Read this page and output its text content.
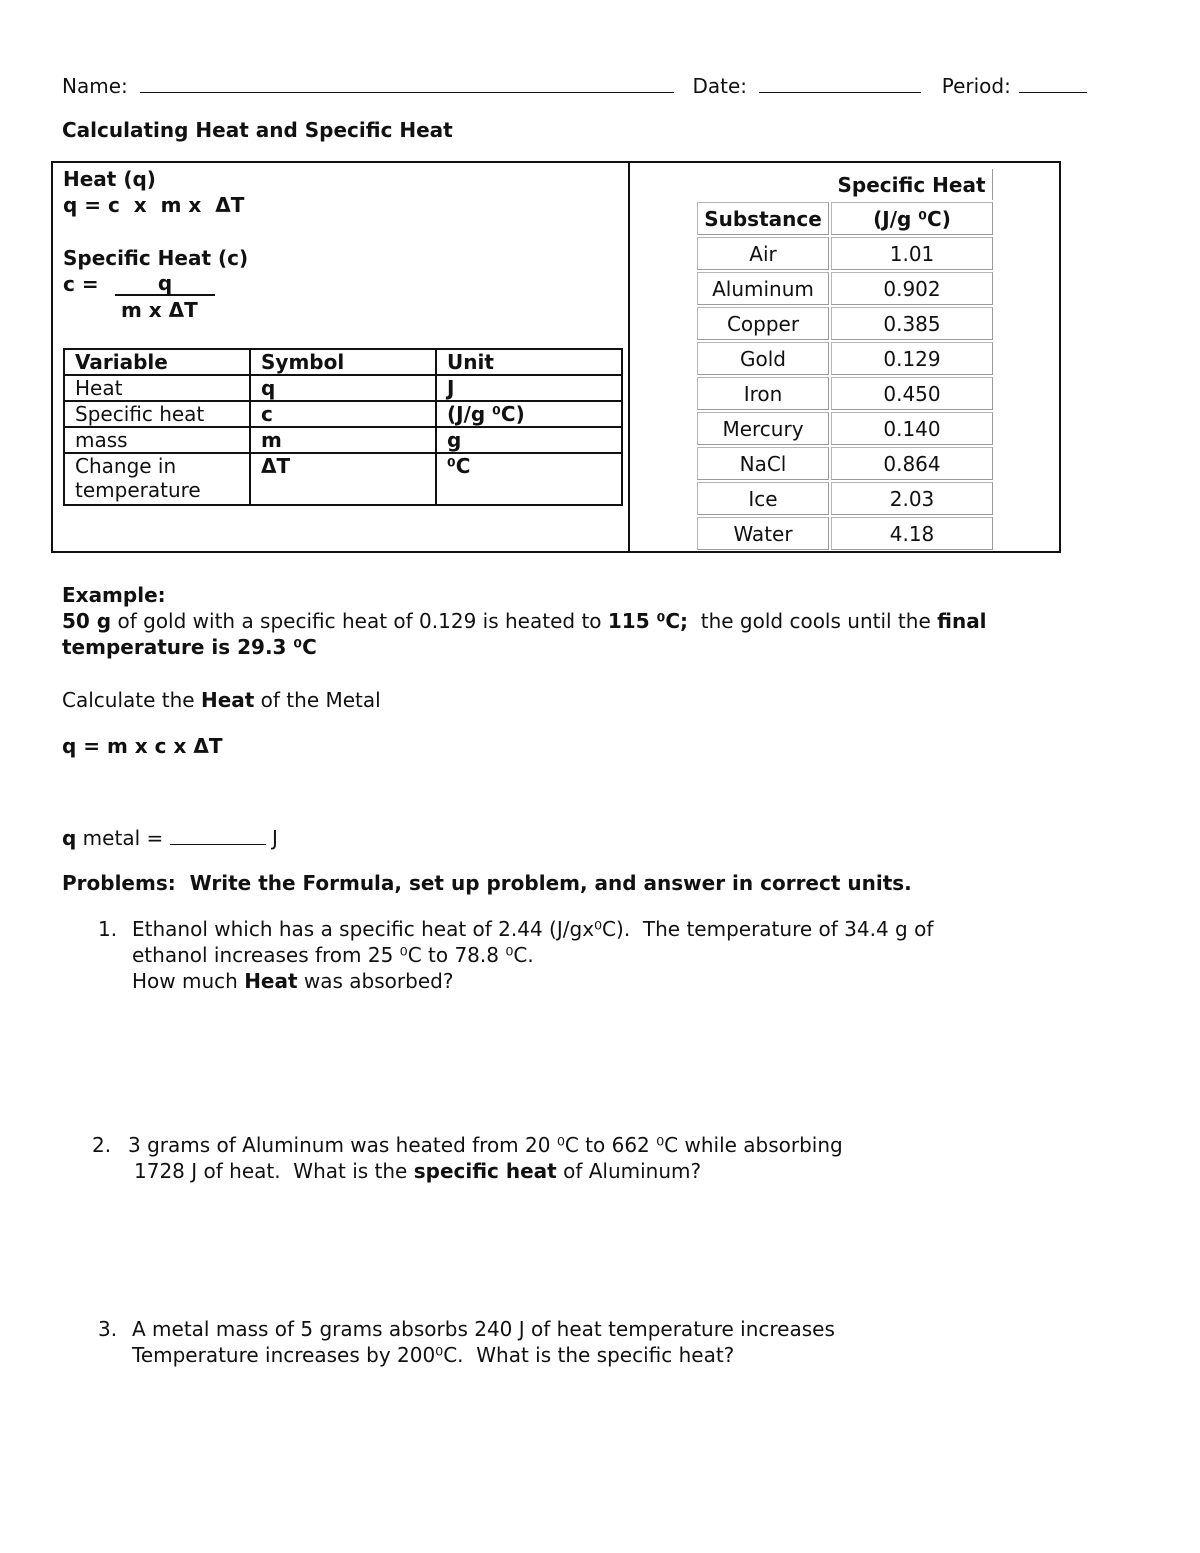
Name:	Date:	Period:
Calculating Heat and Specific Heat
Heat (q)
q = c  x  m x  ΔT
Specific Heat (c)
c =	q
m x ΔT
Variable	Symbol	Unit
Heat	q	J
Specific heat	c	(J/g ⁰C)
mass	m	g
Change in
temperature	ΔT	⁰C
	Specific Heat
Substance	(J/g ⁰C)
Air	1.01
Aluminum	0.902
Copper	0.385
Gold	0.129
Iron	0.450
Mercury	0.140
NaCl	0.864
Ice	2.03
Water	4.18
Example:
50 g of gold with a specific heat of 0.129 is heated to 115 ⁰C;  the gold cools until the final
temperature is 29.3 ⁰C
Calculate the Heat of the Metal
q = m x c x ΔT
q metal =	J
Problems:  Write the Formula, set up problem, and answer in correct units.
1. Ethanol which has a specific heat of 2.44 (J/gx⁰C).  The temperature of 34.4 g of
ethanol increases from 25 ⁰C to 78.8 ⁰C.
How much Heat was absorbed?
2. 3 grams of Aluminum was heated from 20 ⁰C to 662 ⁰C while absorbing
1728 J of heat.  What is the specific heat of Aluminum?
3. A metal mass of 5 grams absorbs 240 J of heat temperature increases
Temperature increases by 200⁰C.  What is the specific heat?
